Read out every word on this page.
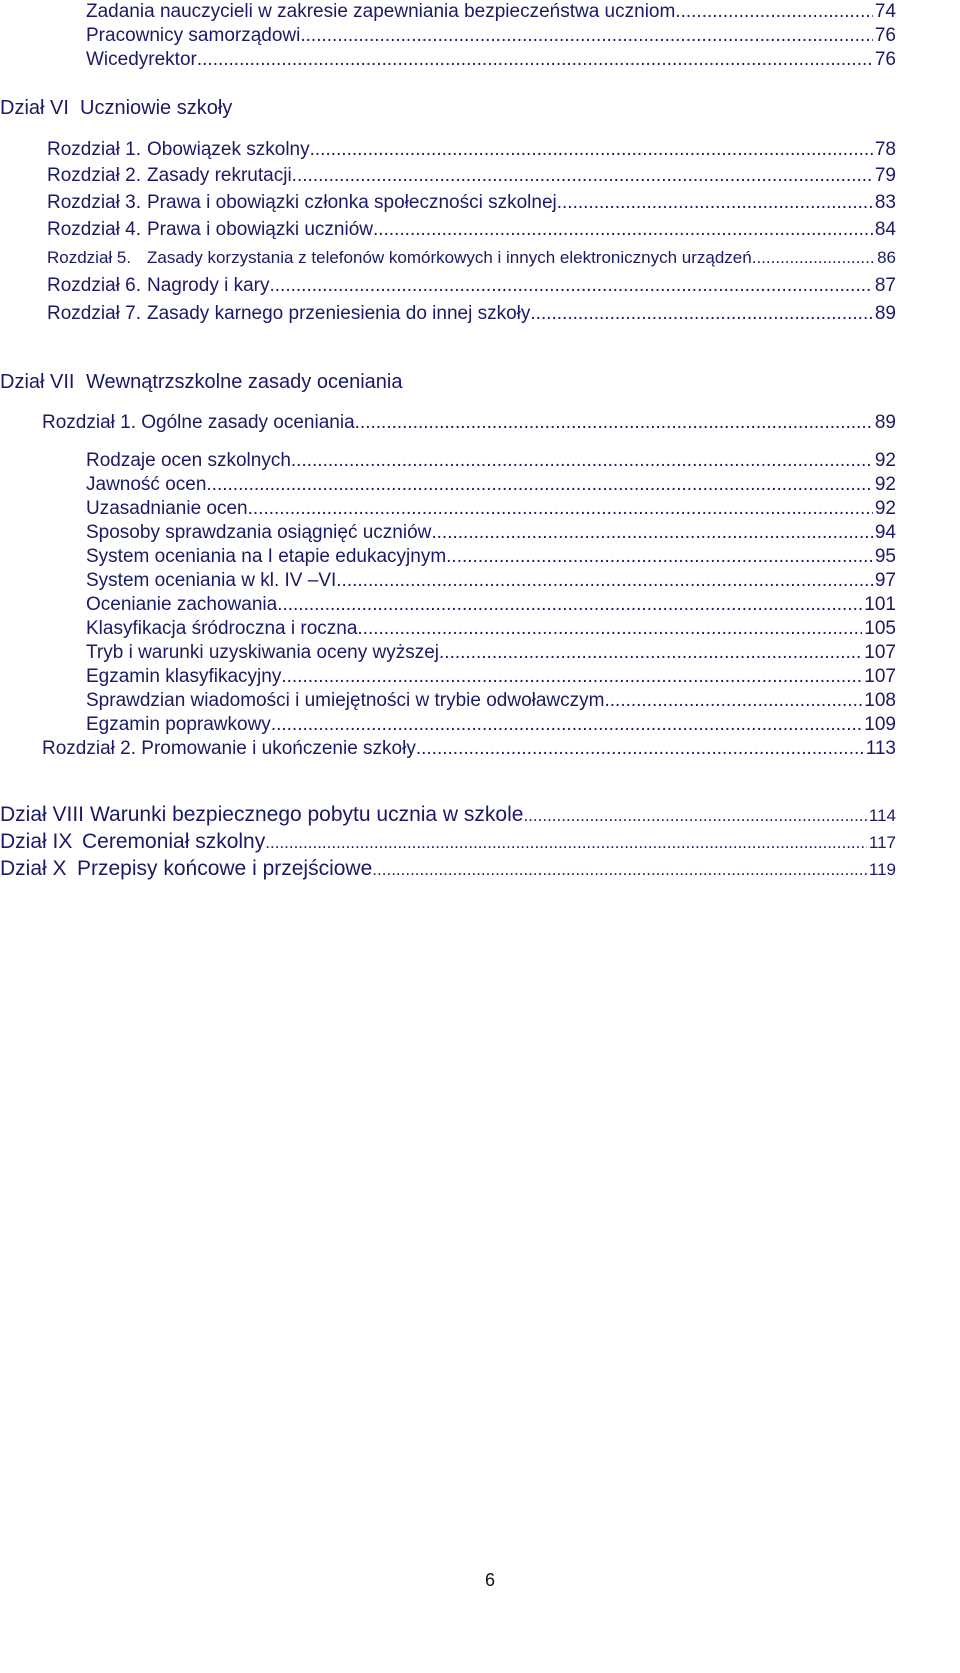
Zadania nauczycieli w zakresie zapewniania bezpieczeństwa uczniom .....	74
Pracownicy samorządowi .....	76
Wicedyrektor .....	76
Dział VI Uczniowie szkoły
Rozdział 1. Obowiązek szkolny .....	78
Rozdział 2. Zasady rekrutacji .....	79
Rozdział 3. Prawa i obowiązki członka społeczności szkolnej .....	83
Rozdział 4. Prawa i obowiązki uczniów .....	84
Rozdział 5. Zasady korzystania z telefonów komórkowych i innych elektronicznych urządzeń .....	86
Rozdział 6. Nagrody i kary .....	87
Rozdział 7. Zasady karnego przeniesienia do innej szkoły .....	89
Dział VII Wewnątrzszkolne zasady oceniania
Rozdział 1. Ogólne zasady oceniania .....	89
Rodzaje ocen szkolnych .....	92
Jawność ocen .....	92
Uzasadnianie ocen .....	92
Sposoby sprawdzania osiągnięć uczniów .....	94
System oceniania na I etapie edukacyjnym .....	95
System oceniania w kl. IV –VI .....	97
Ocenianie zachowania .....	101
Klasyfikacja śródroczna i roczna .....	105
Tryb i warunki uzyskiwania oceny wyższej .....	107
Egzamin klasyfikacyjny .....	107
Sprawdzian wiadomości i umiejętności w trybie odwoławczym .....	108
Egzamin poprawkowy .....	109
Rozdział 2. Promowanie i ukończenie szkoły .....	113
Dział VIII Warunki bezpiecznego pobytu ucznia w szkole .....	114
Dział IX Ceremoniał szkolny .....	117
Dział X Przepisy końcowe i przejściowe .....	119
6
